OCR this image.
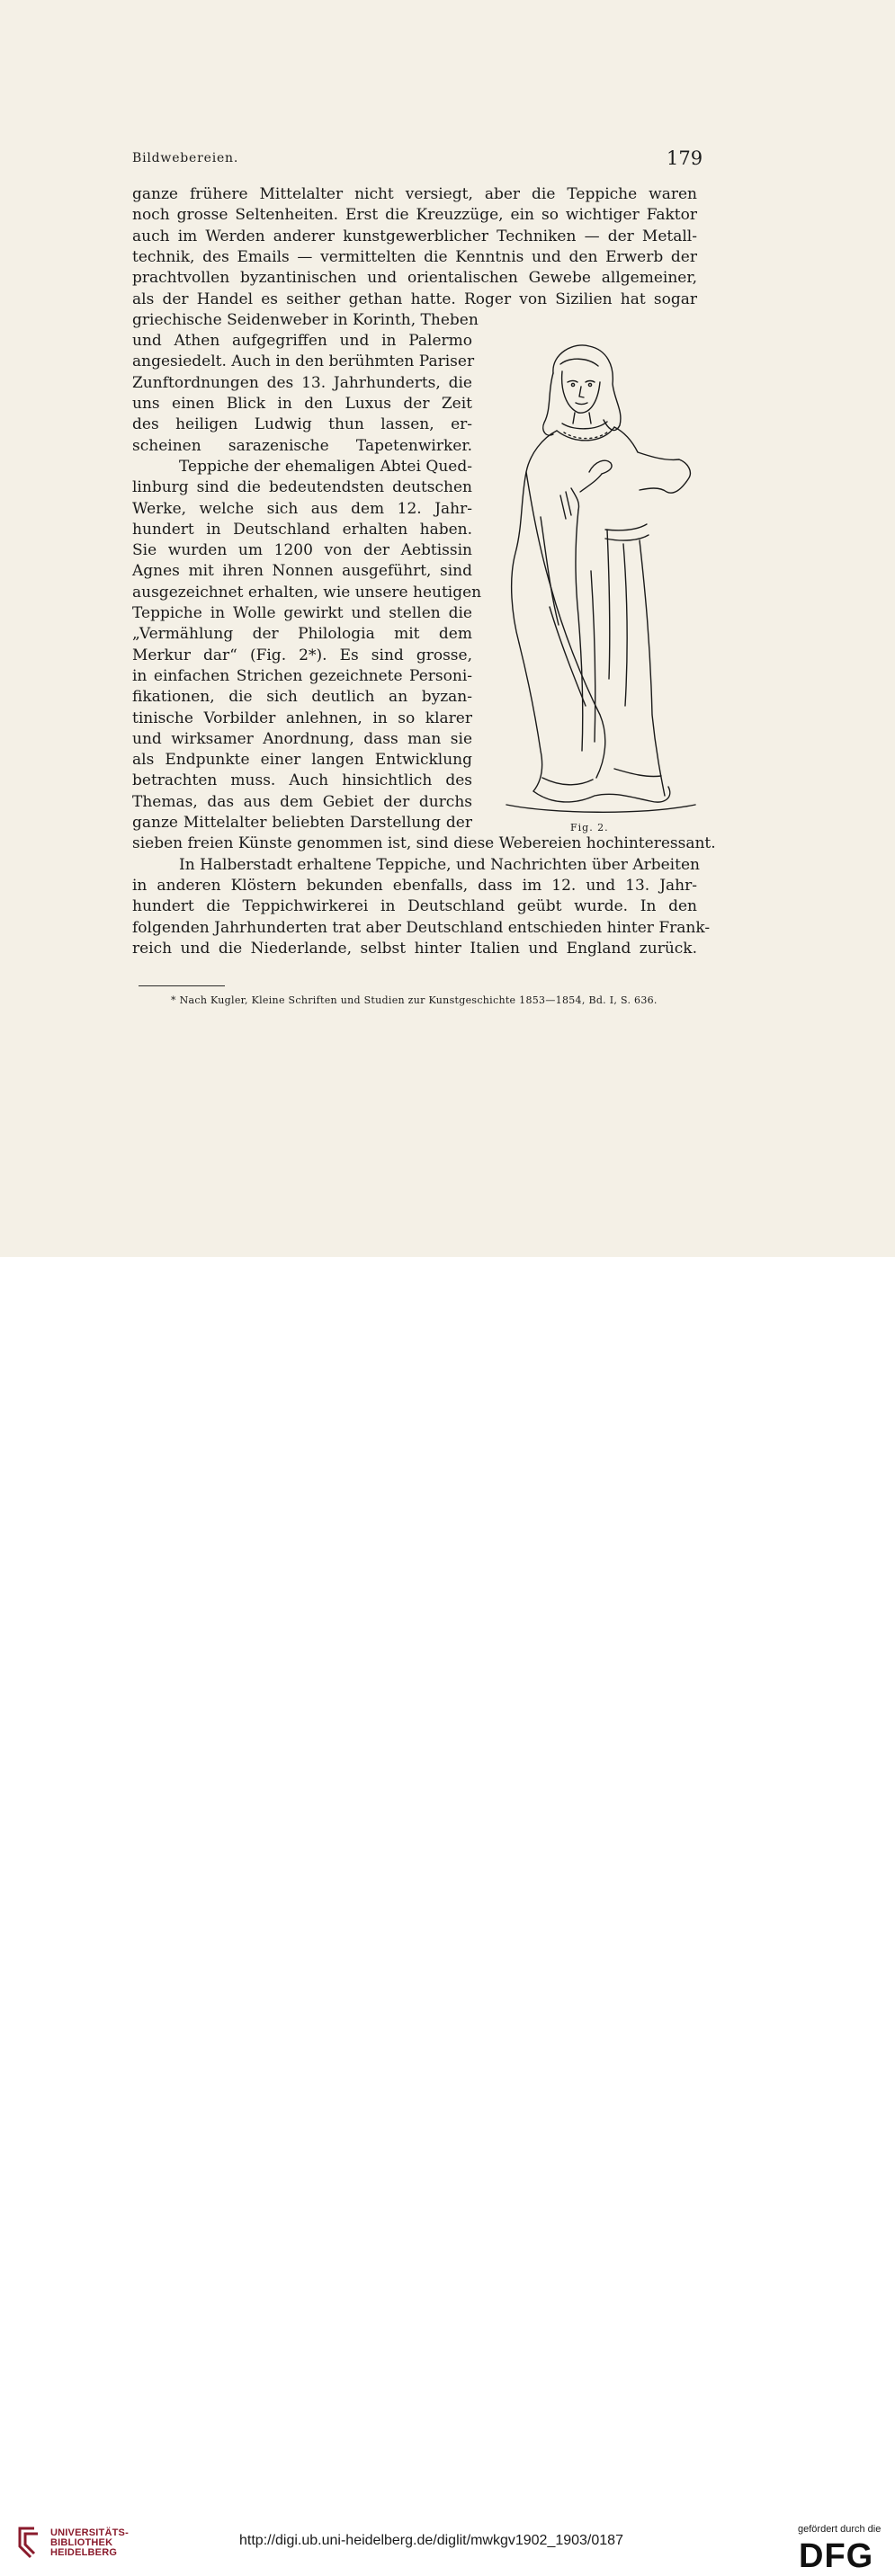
Bildwebereien.	179
ganze frühere Mittelalter nicht versiegt, aber die Teppiche waren
noch grosse Seltenheiten. Erst die Kreuzzüge, ein so wichtiger Faktor
auch im Werden anderer kunstgewerblicher Techniken — der Metall-
technik, des Emails — vermittelten die Kenntnis und den Erwerb der
prachtvollen byzantinischen und orientalischen Gewebe allgemeiner,
als der Handel es seither gethan hatte. Roger von Sizilien hat sogar
griechische Seidenweber in Korinth, Theben
und Athen aufgegriffen und in Palermo
angesiedelt. Auch in den berühmten Pariser
Zunftordnungen des 13. Jahrhunderts, die
uns einen Blick in den Luxus der Zeit
des heiligen Ludwig thun lassen, er-
scheinen sarazenische Tapetenwirker.
Teppiche der ehemaligen Abtei Qued-
linburg sind die bedeutendsten deutschen
Werke, welche sich aus dem 12. Jahr-
hundert in Deutschland erhalten haben.
Sie wurden um 1200 von der Aebtissin
Agnes mit ihren Nonnen ausgeführt, sind
ausgezeichnet erhalten, wie unsere heutigen
Teppiche in Wolle gewirkt und stellen die
„Vermählung der Philologia mit dem
Merkur dar“ (Fig. 2*). Es sind grosse,
in einfachen Strichen gezeichnete Personi-
fikationen, die sich deutlich an byzan-
tinische Vorbilder anlehnen, in so klarer
und wirksamer Anordnung, dass man sie
als Endpunkte einer langen Entwicklung
betrachten muss. Auch hinsichtlich des
Themas, das aus dem Gebiet der durchs
ganze Mittelalter beliebten Darstellung der
sieben freien Künste genommen ist, sind diese Webereien hochinteressant.
In Halberstadt erhaltene Teppiche, und Nachrichten über Arbeiten
in anderen Klöstern bekunden ebenfalls, dass im 12. und 13. Jahr-
hundert die Teppichwirkerei in Deutschland geübt wurde. In den
folgenden Jahrhunderten trat aber Deutschland entschieden hinter Frank-
reich und die Niederlande, selbst hinter Italien und England zurück.
Fig. 2.
* Nach Kugler, Kleine Schriften und Studien zur Kunstgeschichte 1853—1854, Bd. I, S. 636.
UNIVERSITÄTS-
BIBLIOTHEK
HEIDELBERG
http://digi.ub.uni-heidelberg.de/diglit/mwkgv1902_1903/0187
gefördert durch die
DFG
